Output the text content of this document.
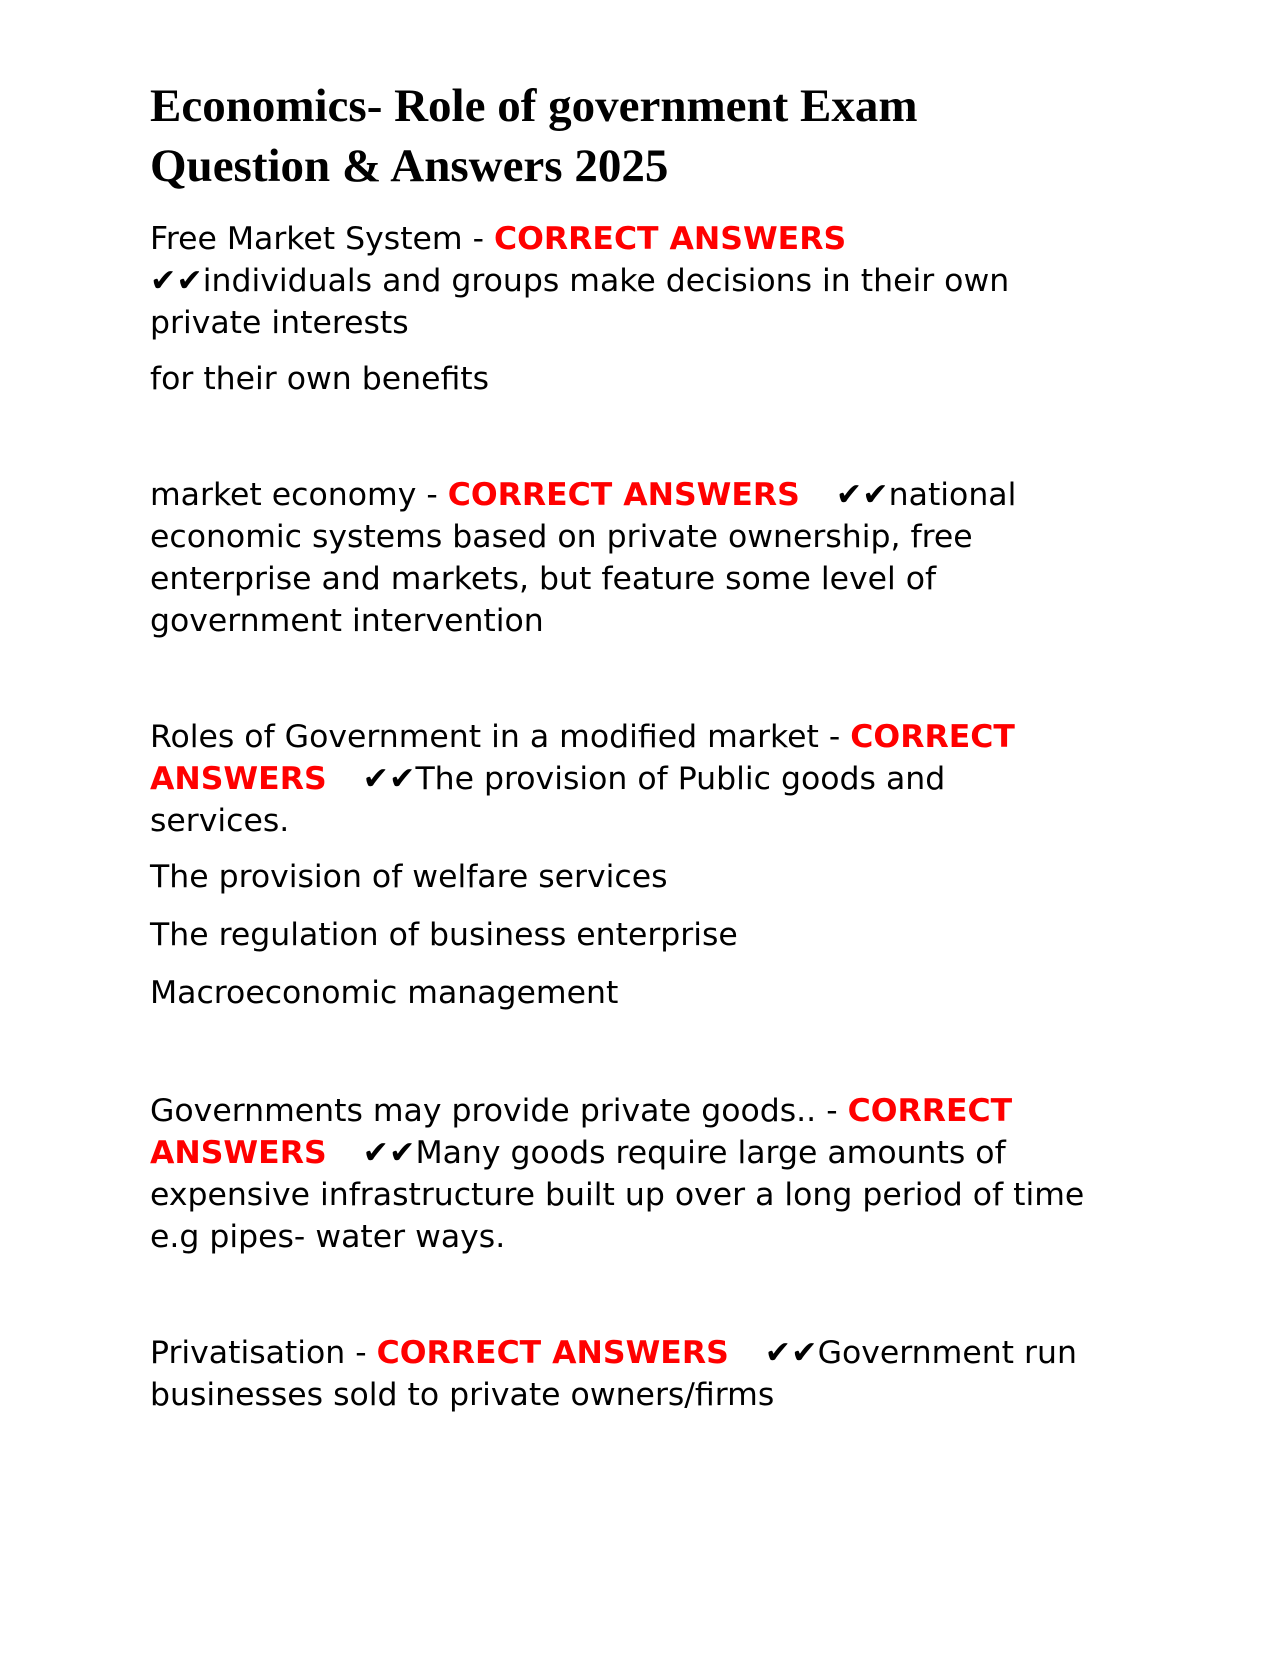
Economics- Role of government Exam
Question & Answers 2025

Free Market System - CORRECT ANSWERS
✔✔individuals and groups make decisions in their own private interests

for their own benefits

market economy - CORRECT ANSWERS ✔✔national economic systems based on private ownership, free enterprise and markets, but feature some level of government intervention

Roles of Government in a modified market - CORRECT ANSWERS ✔✔The provision of Public goods and services.

The provision of welfare services

The regulation of business enterprise

Macroeconomic management

Governments may provide private goods.. - CORRECT ANSWERS ✔✔Many goods require large amounts of expensive infrastructure built up over a long period of time e.g pipes- water ways.

Privatisation - CORRECT ANSWERS ✔✔Government run businesses sold to private owners/firms
